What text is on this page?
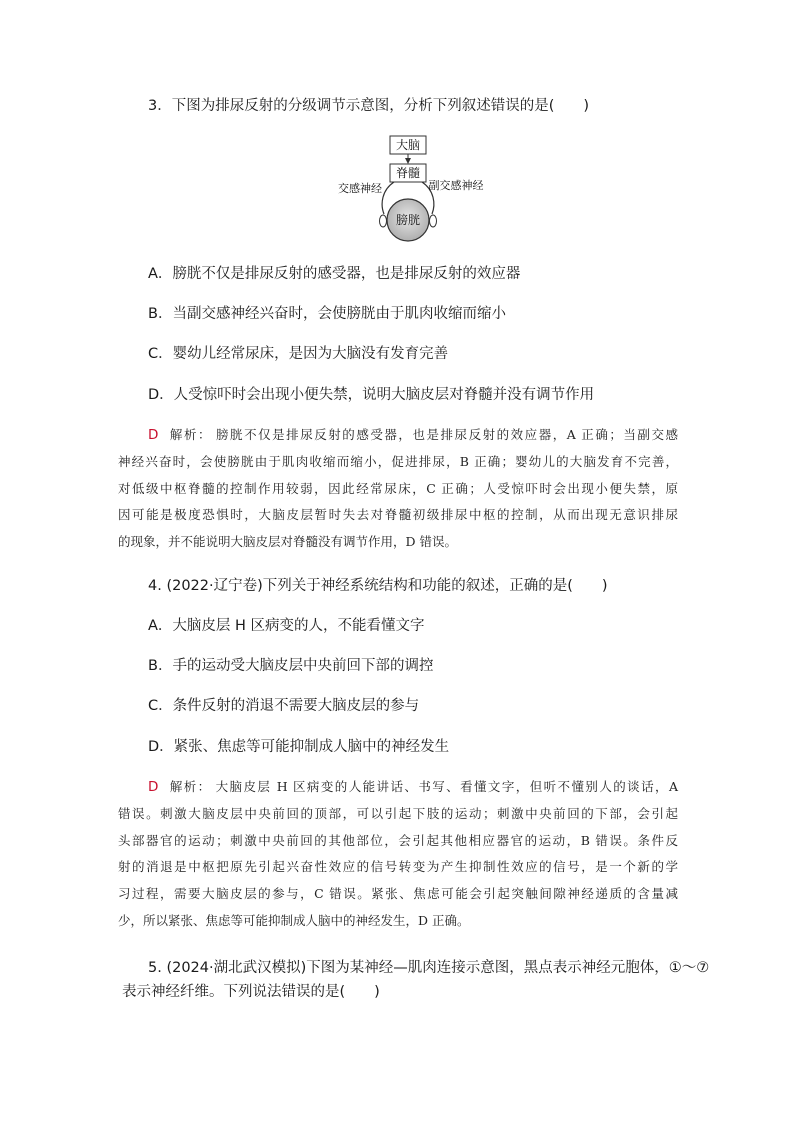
3．下图为排尿反射的分级调节示意图，分析下列叙述错误的是(　　)
大脑
脊髓
交感神经	副交感神经
膀胱
A．膀胱不仅是排尿反射的感受器，也是排尿反射的效应器
B．当副交感神经兴奋时，会使膀胱由于肌肉收缩而缩小
C．婴幼儿经常尿床，是因为大脑没有发育完善
D．人受惊吓时会出现小便失禁，说明大脑皮层对脊髓并没有调节作用
D 解析： 膀胱不仅是排尿反射的感受器，也是排尿反射的效应器，A 正确；当副交感
神经兴奋时，会使膀胱由于肌肉收缩而缩小，促进排尿，B 正确；婴幼儿的大脑发育不完善，
对低级中枢脊髓的控制作用较弱，因此经常尿床，C 正确；人受惊吓时会出现小便失禁，原
因可能是极度恐惧时，大脑皮层暂时失去对脊髓初级排尿中枢的控制，从而出现无意识排尿
的现象，并不能说明大脑皮层对脊髓没有调节作用，D 错误。
4. (2022·辽宁卷)下列关于神经系统结构和功能的叙述，正确的是(　　)
A．大脑皮层 H 区病变的人，不能看懂文字
B．手的运动受大脑皮层中央前回下部的调控
C．条件反射的消退不需要大脑皮层的参与
D．紧张、焦虑等可能抑制成人脑中的神经发生
D 解析： 大脑皮层 H 区病变的人能讲话、书写、看懂文字，但听不懂别人的谈话，A
错误。刺激大脑皮层中央前回的顶部，可以引起下肢的运动；刺激中央前回的下部，会引起
头部器官的运动；刺激中央前回的其他部位，会引起其他相应器官的运动，B 错误。条件反
射的消退是中枢把原先引起兴奋性效应的信号转变为产生抑制性效应的信号，是一个新的学
习过程，需要大脑皮层的参与，C 错误。紧张、焦虑可能会引起突触间隙神经递质的含量减
少，所以紧张、焦虑等可能抑制成人脑中的神经发生，D 正确。
5. (2024·湖北武汉模拟)下图为某神经—肌肉连接示意图，黑点表示神经元胞体，①～⑦
表示神经纤维。下列说法错误的是(　　)
